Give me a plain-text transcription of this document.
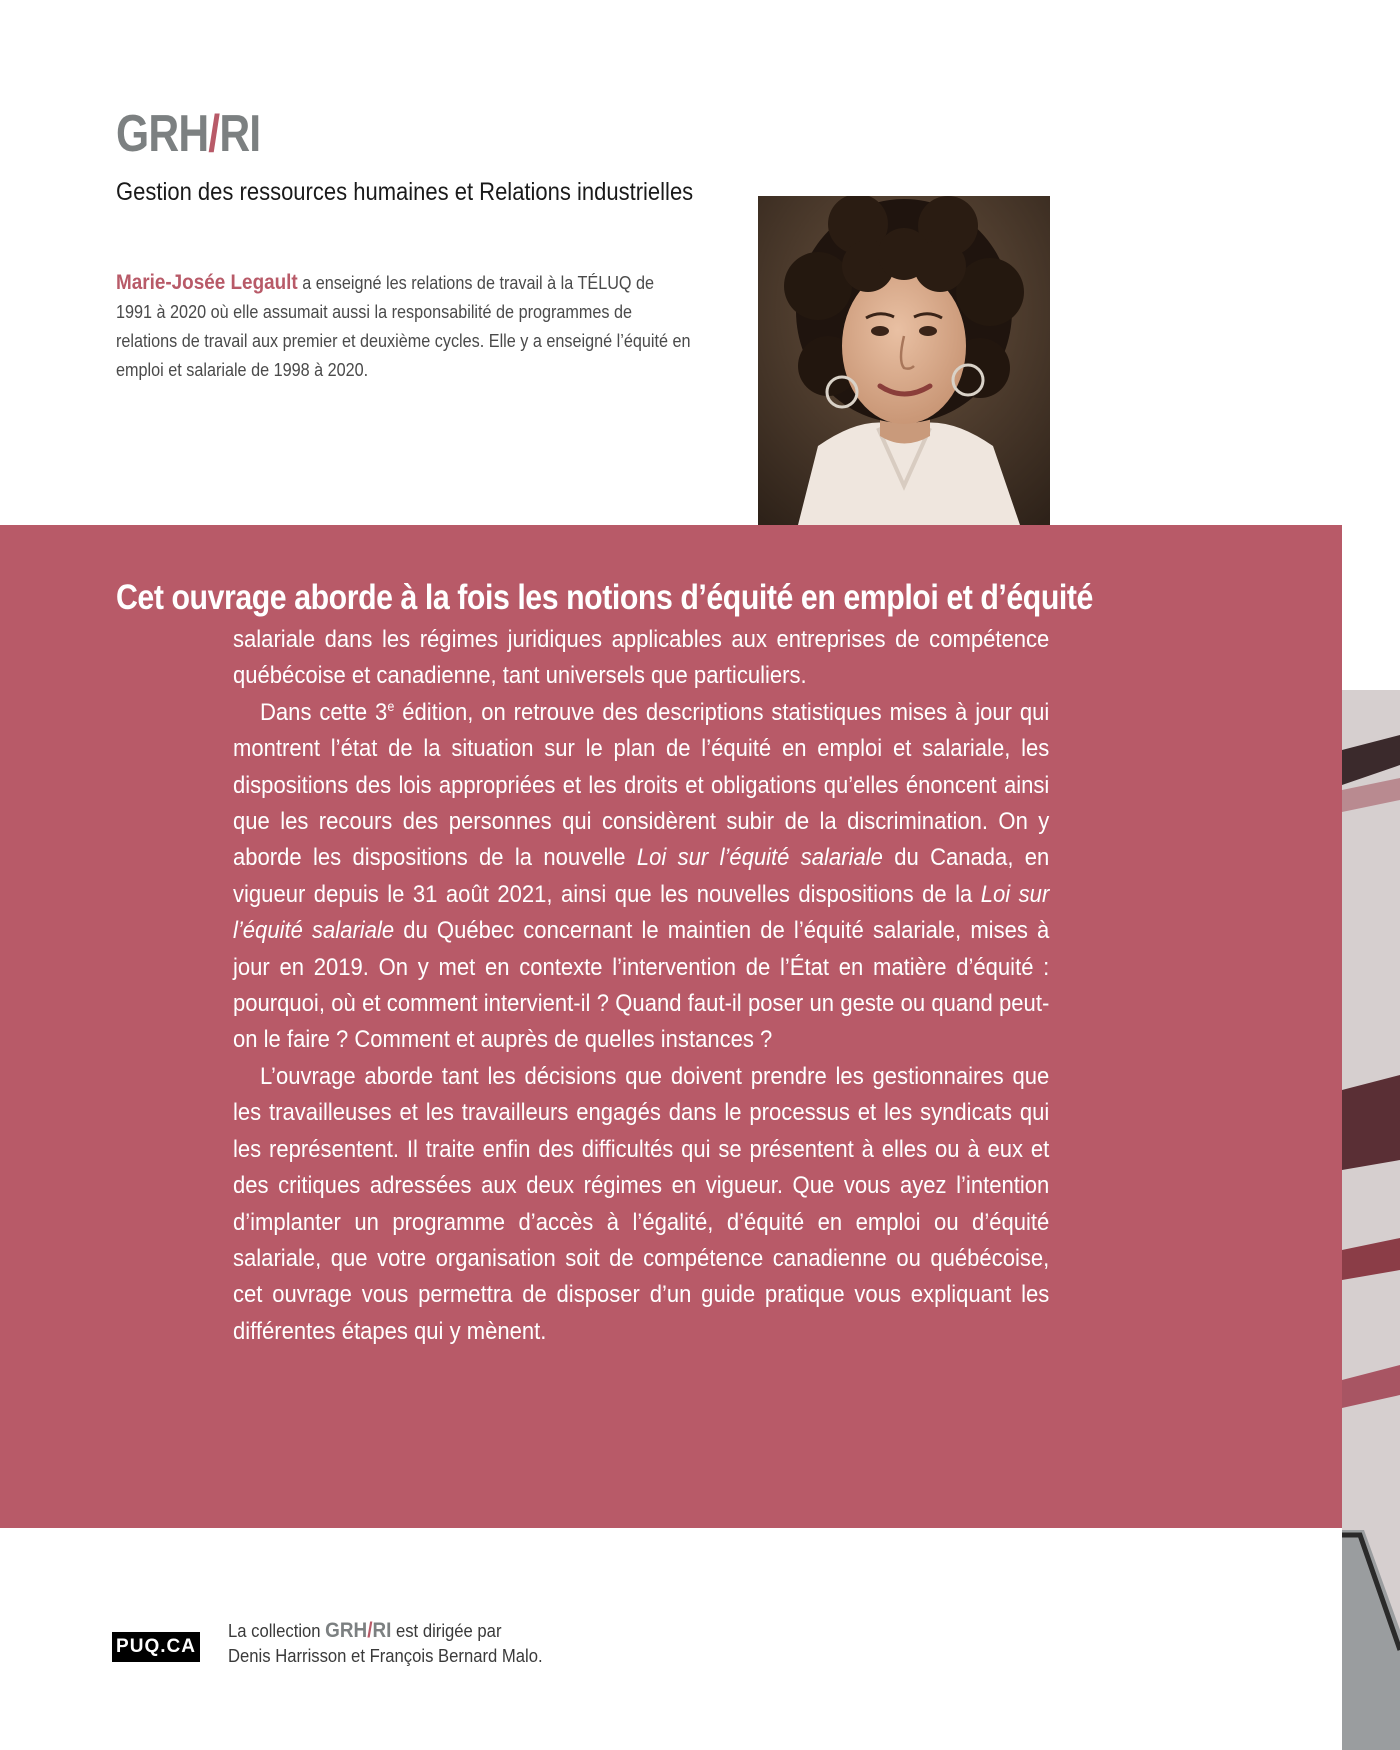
GRH/RI
Gestion des ressources humaines et Relations industrielles
Marie-Josée Legault a enseigné les relations de travail à la TÉLUQ de 1991 à 2020 où elle assumait aussi la responsabilité de programmes de relations de travail aux premier et deuxième cycles. Elle y a enseigné l’équité en emploi et salariale de 1998 à 2020.
Cet ouvrage aborde à la fois les notions d’équité en emploi et d’équité

salariale dans les régimes juridiques applicables aux entreprises de compétence québécoise et canadienne, tant universels que particuliers.

Dans cette 3e édition, on retrouve des descriptions statistiques mises à jour qui montrent l’état de la situation sur le plan de l’équité en emploi et salariale, les dispositions des lois appropriées et les droits et obligations qu’elles énoncent ainsi que les recours des personnes qui considèrent subir de la discrimination. On y aborde les dispositions de la nouvelle Loi sur l’équité salariale du Canada, en vigueur depuis le 31 août 2021, ainsi que les nouvelles dispositions de la Loi sur l’équité salariale du Québec concernant le maintien de l’équité salariale, mises à jour en 2019. On y met en contexte l’intervention de l’État en matière d’équité : pourquoi, où et comment intervient-il ? Quand faut-il poser un geste ou quand peut-on le faire ? Comment et auprès de quelles instances ?

L’ouvrage aborde tant les décisions que doivent prendre les gestionnaires que les travailleuses et les travailleurs engagés dans le processus et les syndicats qui les représentent. Il traite enfin des difficultés qui se présentent à elles ou à eux et des critiques adressées aux deux régimes en vigueur. Que vous ayez l’intention d’implanter un programme d’accès à l’égalité, d’équité en emploi ou d’équité salariale, que votre organisation soit de compétence canadienne ou québécoise, cet ouvrage vous permettra de disposer d’un guide pratique vous expliquant les différentes étapes qui y mènent.

PUQ.CA
La collection GRH/RI est dirigée par
Denis Harrisson et François Bernard Malo.
